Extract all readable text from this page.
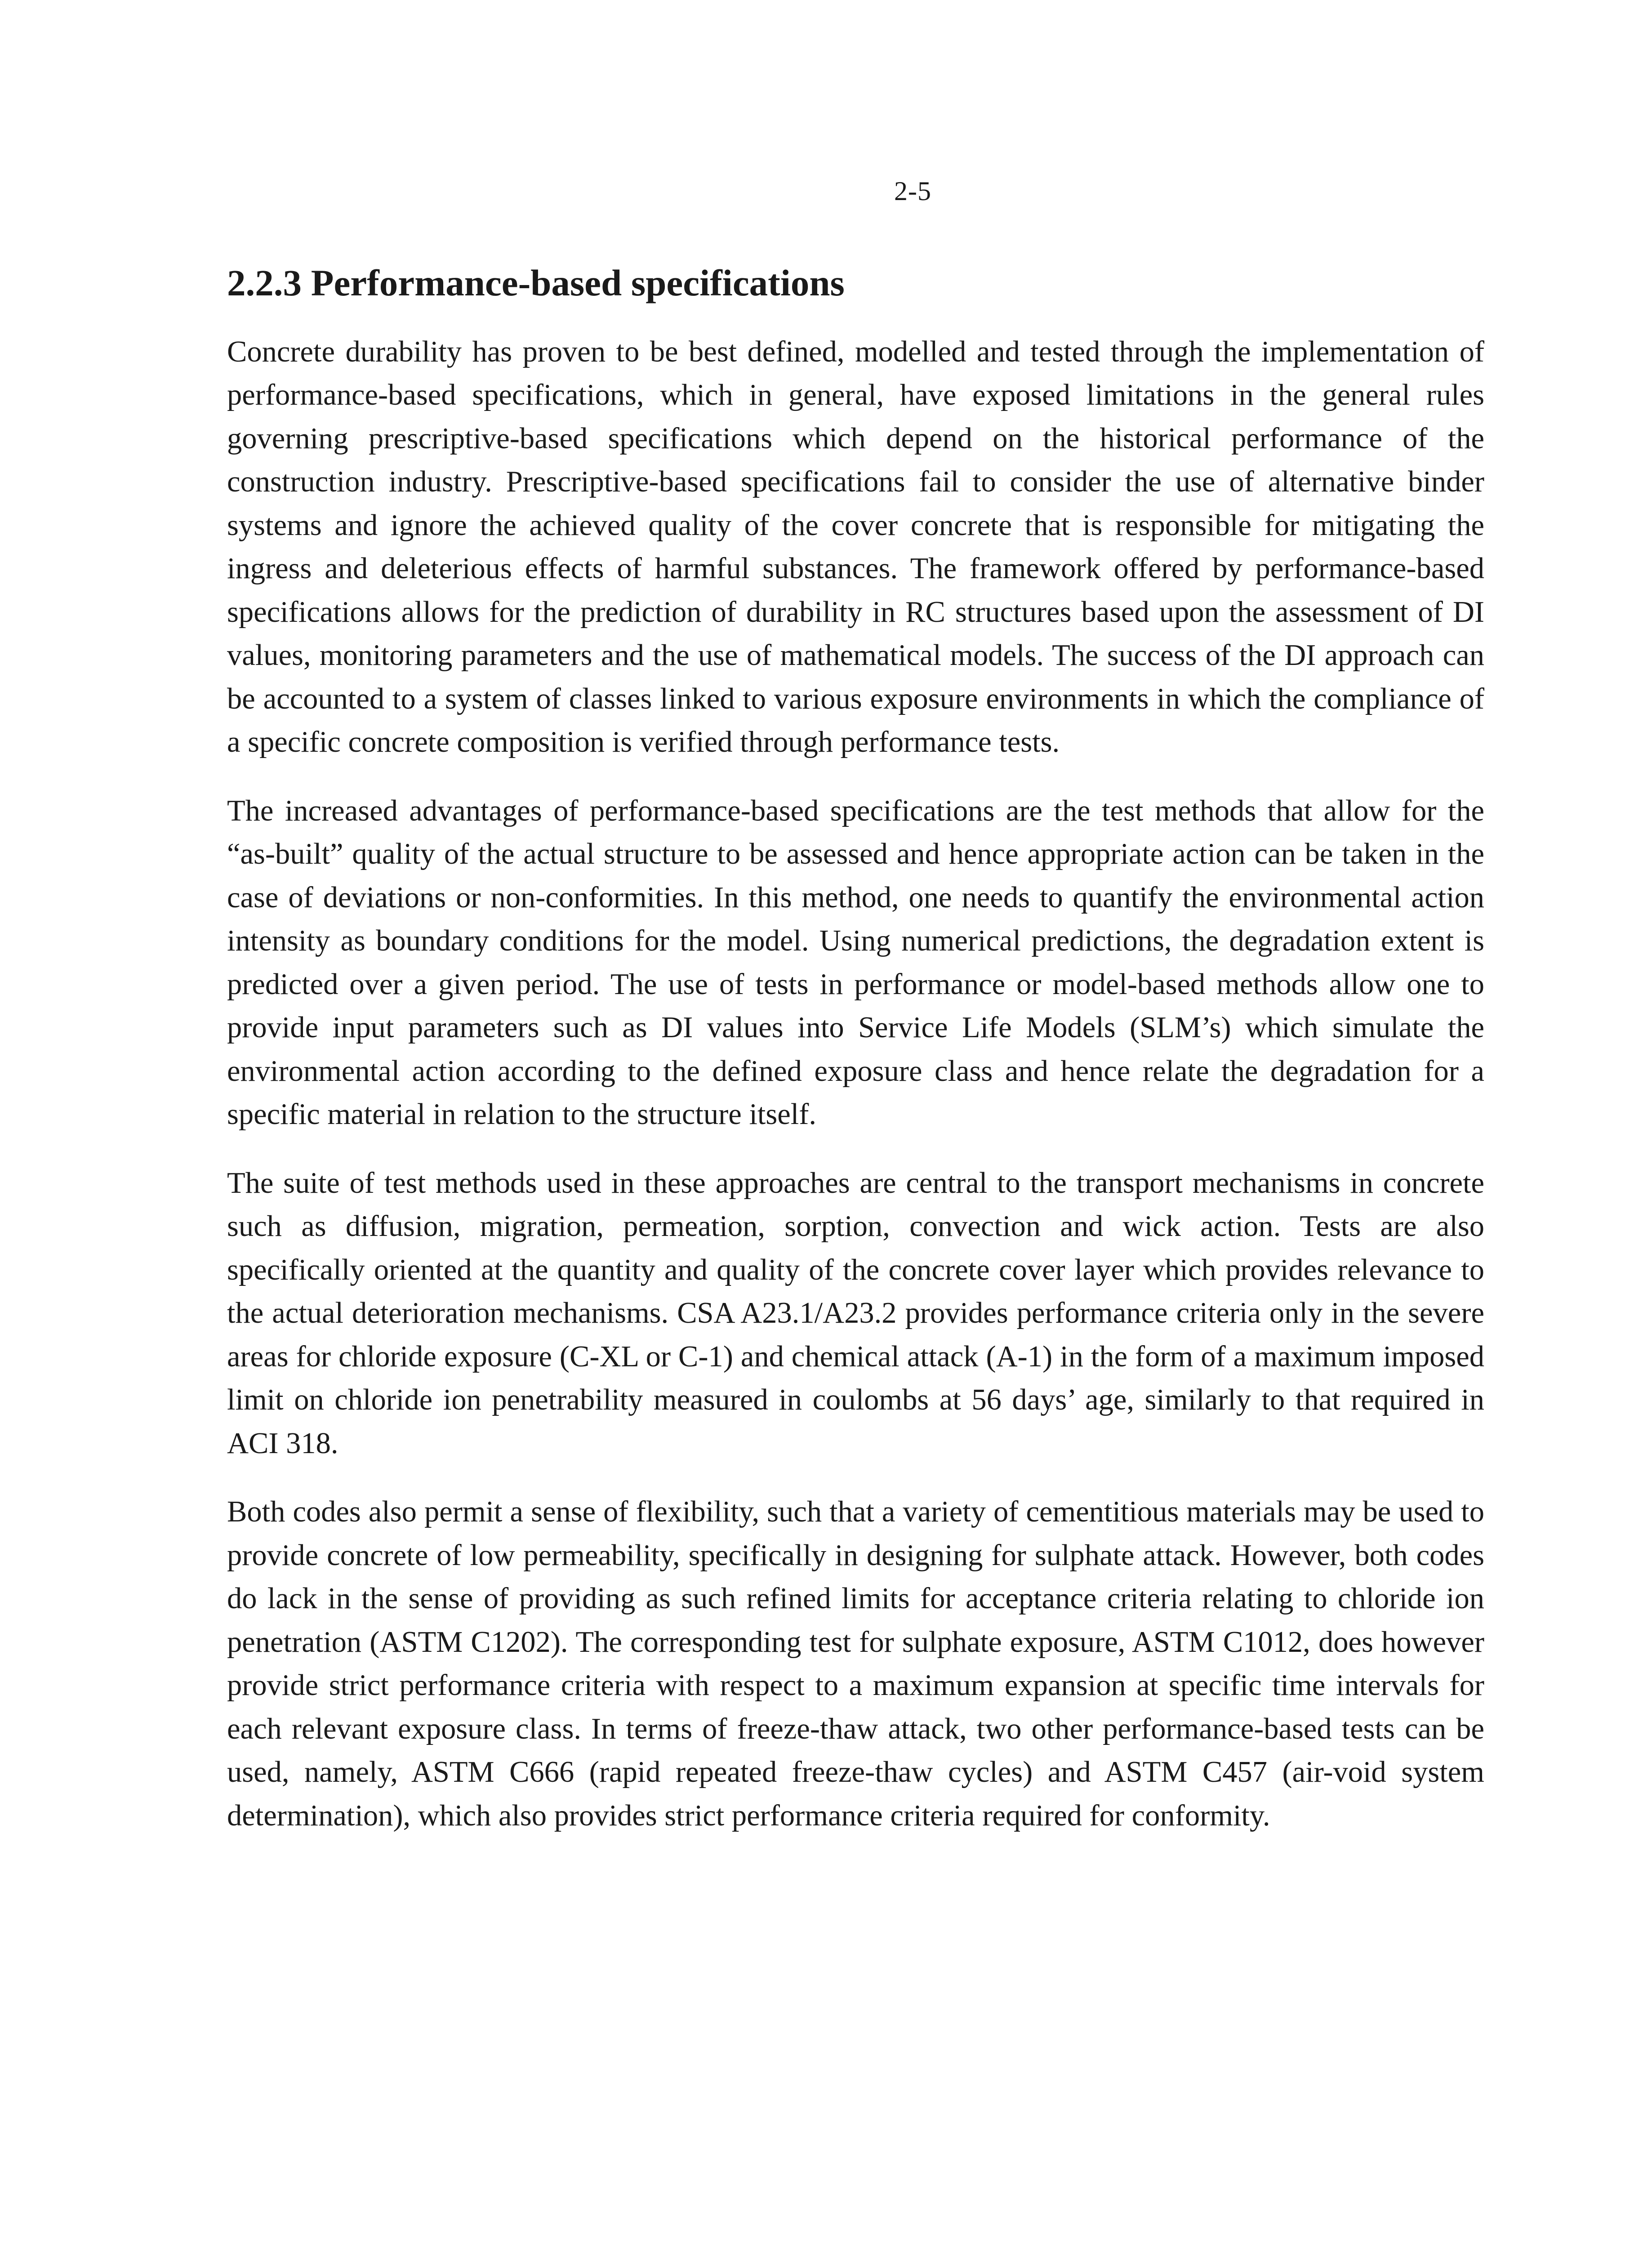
2-5
2.2.3 Performance-based specifications

Concrete durability has proven to be best defined, modelled and tested through the implementation of performance-based specifications, which in general, have exposed limitations in the general rules governing prescriptive-based specifications which depend on the historical performance of the construction industry. Prescriptive-based specifications fail to consider the use of alternative binder systems and ignore the achieved quality of the cover concrete that is responsible for mitigating the ingress and deleterious effects of harmful substances. The framework offered by performance-based specifications allows for the prediction of durability in RC structures based upon the assessment of DI values, monitoring parameters and the use of mathematical models. The success of the DI approach can be accounted to a system of classes linked to various exposure environments in which the compliance of a specific concrete composition is verified through performance tests.

The increased advantages of performance-based specifications are the test methods that allow for the “as-built” quality of the actual structure to be assessed and hence appropriate action can be taken in the case of deviations or non-conformities. In this method, one needs to quantify the environmental action intensity as boundary conditions for the model. Using numerical predictions, the degradation extent is predicted over a given period. The use of tests in performance or model-based methods allow one to provide input parameters such as DI values into Service Life Models (SLM’s) which simulate the environmental action according to the defined exposure class and hence relate the degradation for a specific material in relation to the structure itself.

The suite of test methods used in these approaches are central to the transport mechanisms in concrete such as diffusion, migration, permeation, sorption, convection and wick action. Tests are also specifically oriented at the quantity and quality of the concrete cover layer which provides relevance to the actual deterioration mechanisms. CSA A23.1/A23.2 provides performance criteria only in the severe areas for chloride exposure (C-XL or C-1) and chemical attack (A-1) in the form of a maximum imposed limit on chloride ion penetrability measured in coulombs at 56 days’ age, similarly to that required in ACI 318.

Both codes also permit a sense of flexibility, such that a variety of cementitious materials may be used to provide concrete of low permeability, specifically in designing for sulphate attack. However, both codes do lack in the sense of providing as such refined limits for acceptance criteria relating to chloride ion penetration (ASTM C1202). The corresponding test for sulphate exposure, ASTM C1012, does however provide strict performance criteria with respect to a maximum expansion at specific time intervals for each relevant exposure class. In terms of freeze-thaw attack, two other performance-based tests can be used, namely, ASTM C666 (rapid repeated freeze-thaw cycles) and ASTM C457 (air-void system determination), which also provides strict performance criteria required for conformity.
